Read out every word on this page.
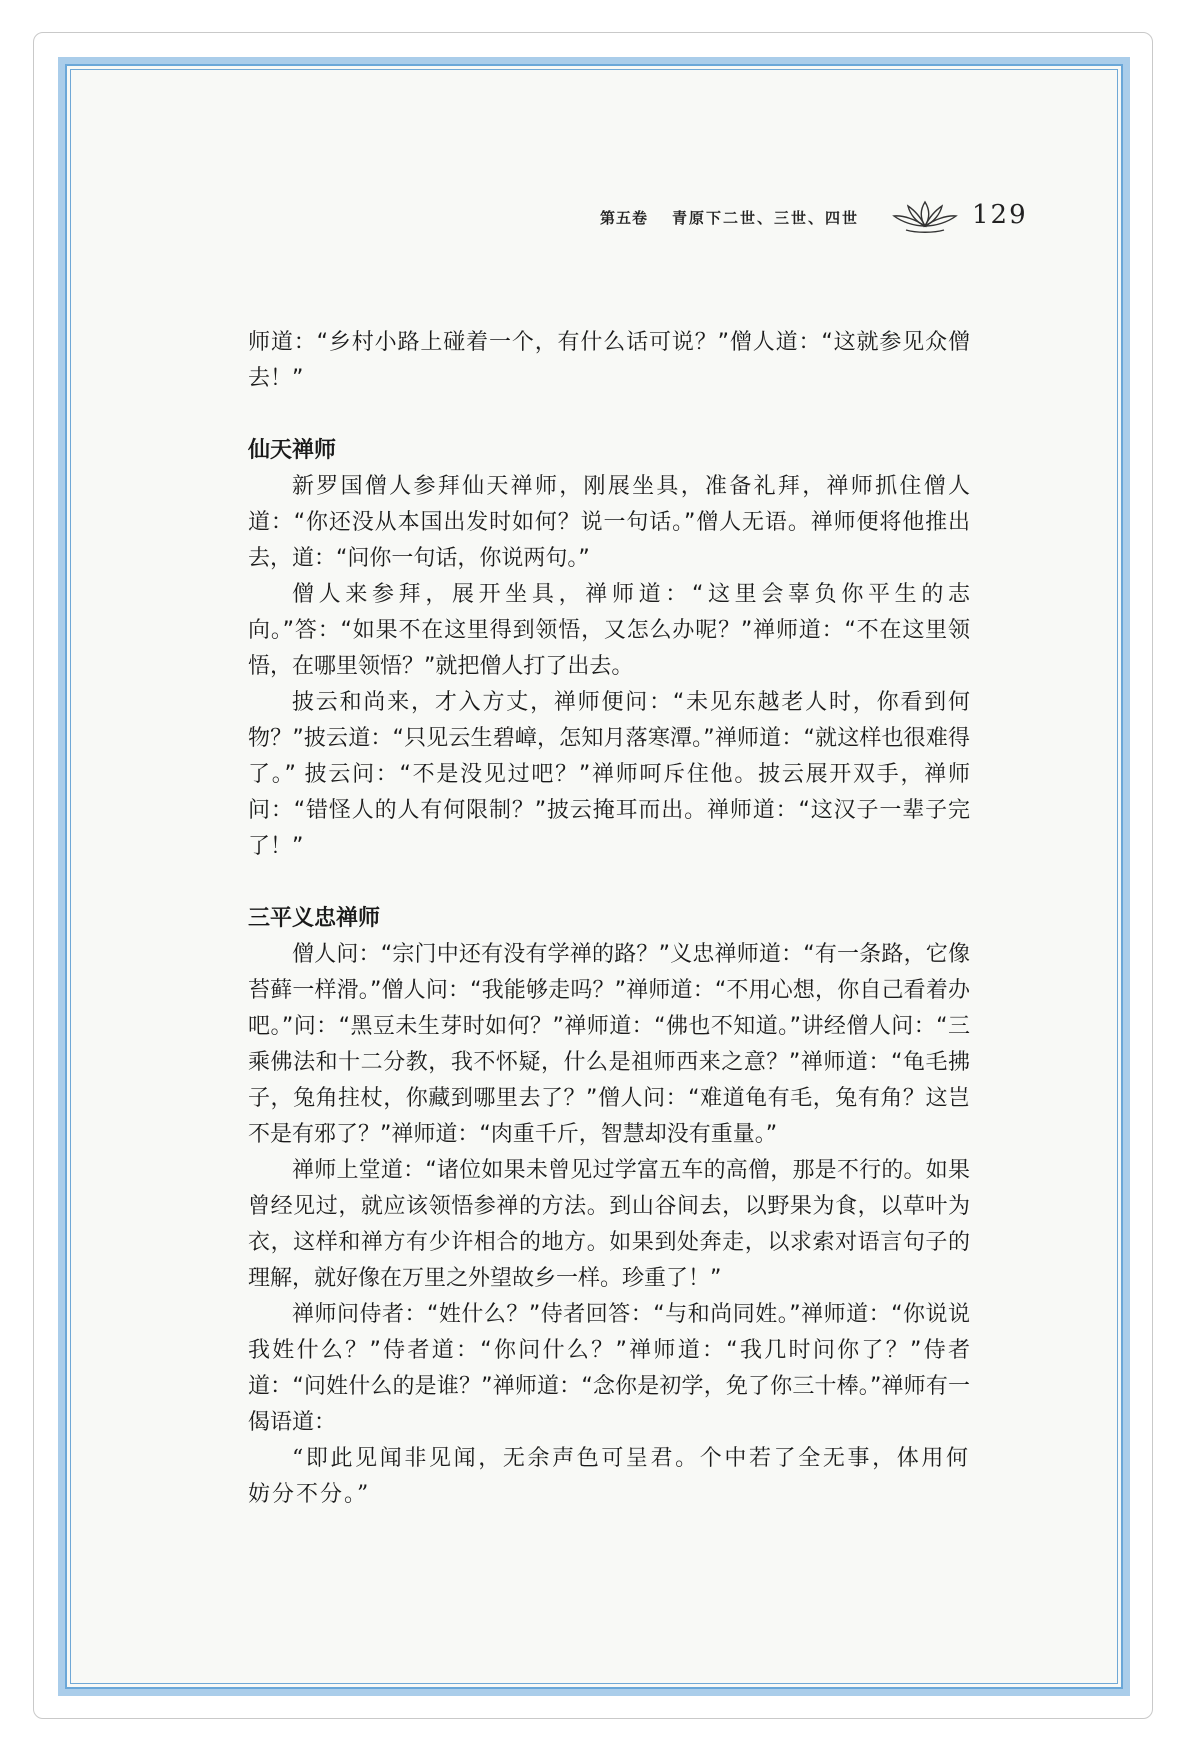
第五卷 青原下二世、三世、四世	129

师道：“乡村小路上碰着一个，有什么话可说？”僧人道：“这就参见众僧去！”

仙天禅师

新罗国僧人参拜仙天禅师，刚展坐具，准备礼拜，禅师抓住僧人道：“你还没从本国出发时如何？说一句话。”僧人无语。禅师便将他推出去，道：“问你一句话，你说两句。”

僧人来参拜，展开坐具，禅师道：“这里会辜负你平生的志向。”答：“如果不在这里得到领悟，又怎么办呢？”禅师道：“不在这里领悟，在哪里领悟？”就把僧人打了出去。

披云和尚来，才入方丈，禅师便问：“未见东越老人时，你看到何物？”披云道：“只见云生碧嶂，怎知月落寒潭。”禅师道：“就这样也很难得了。” 披云问：“不是没见过吧？”禅师呵斥住他。披云展开双手，禅师问：“错怪人的人有何限制？”披云掩耳而出。禅师道：“这汉子一辈子完了！”

三平义忠禅师

僧人问：“宗门中还有没有学禅的路？”义忠禅师道：“有一条路，它像苔藓一样滑。”僧人问：“我能够走吗？”禅师道：“不用心想，你自己看着办吧。”问：“黑豆未生芽时如何？”禅师道：“佛也不知道。”讲经僧人问：“三乘佛法和十二分教，我不怀疑，什么是祖师西来之意？”禅师道：“龟毛拂子，兔角拄杖，你藏到哪里去了？”僧人问：“难道龟有毛，兔有角？这岂不是有邪了？”禅师道：“肉重千斤，智慧却没有重量。”

禅师上堂道：“诸位如果未曾见过学富五车的高僧，那是不行的。如果曾经见过，就应该领悟参禅的方法。到山谷间去，以野果为食，以草叶为衣，这样和禅方有少许相合的地方。如果到处奔走，以求索对语言句子的理解，就好像在万里之外望故乡一样。珍重了！”

禅师问侍者：“姓什么？”侍者回答：“与和尚同姓。”禅师道：“你说说我姓什么？”侍者道：“你问什么？”禅师道：“我几时问你了？”侍者道：“问姓什么的是谁？”禅师道：“念你是初学，免了你三十棒。”禅师有一偈语道：

“即此见闻非见闻，无余声色可呈君。个中若了全无事，体用何妨分不分。”
